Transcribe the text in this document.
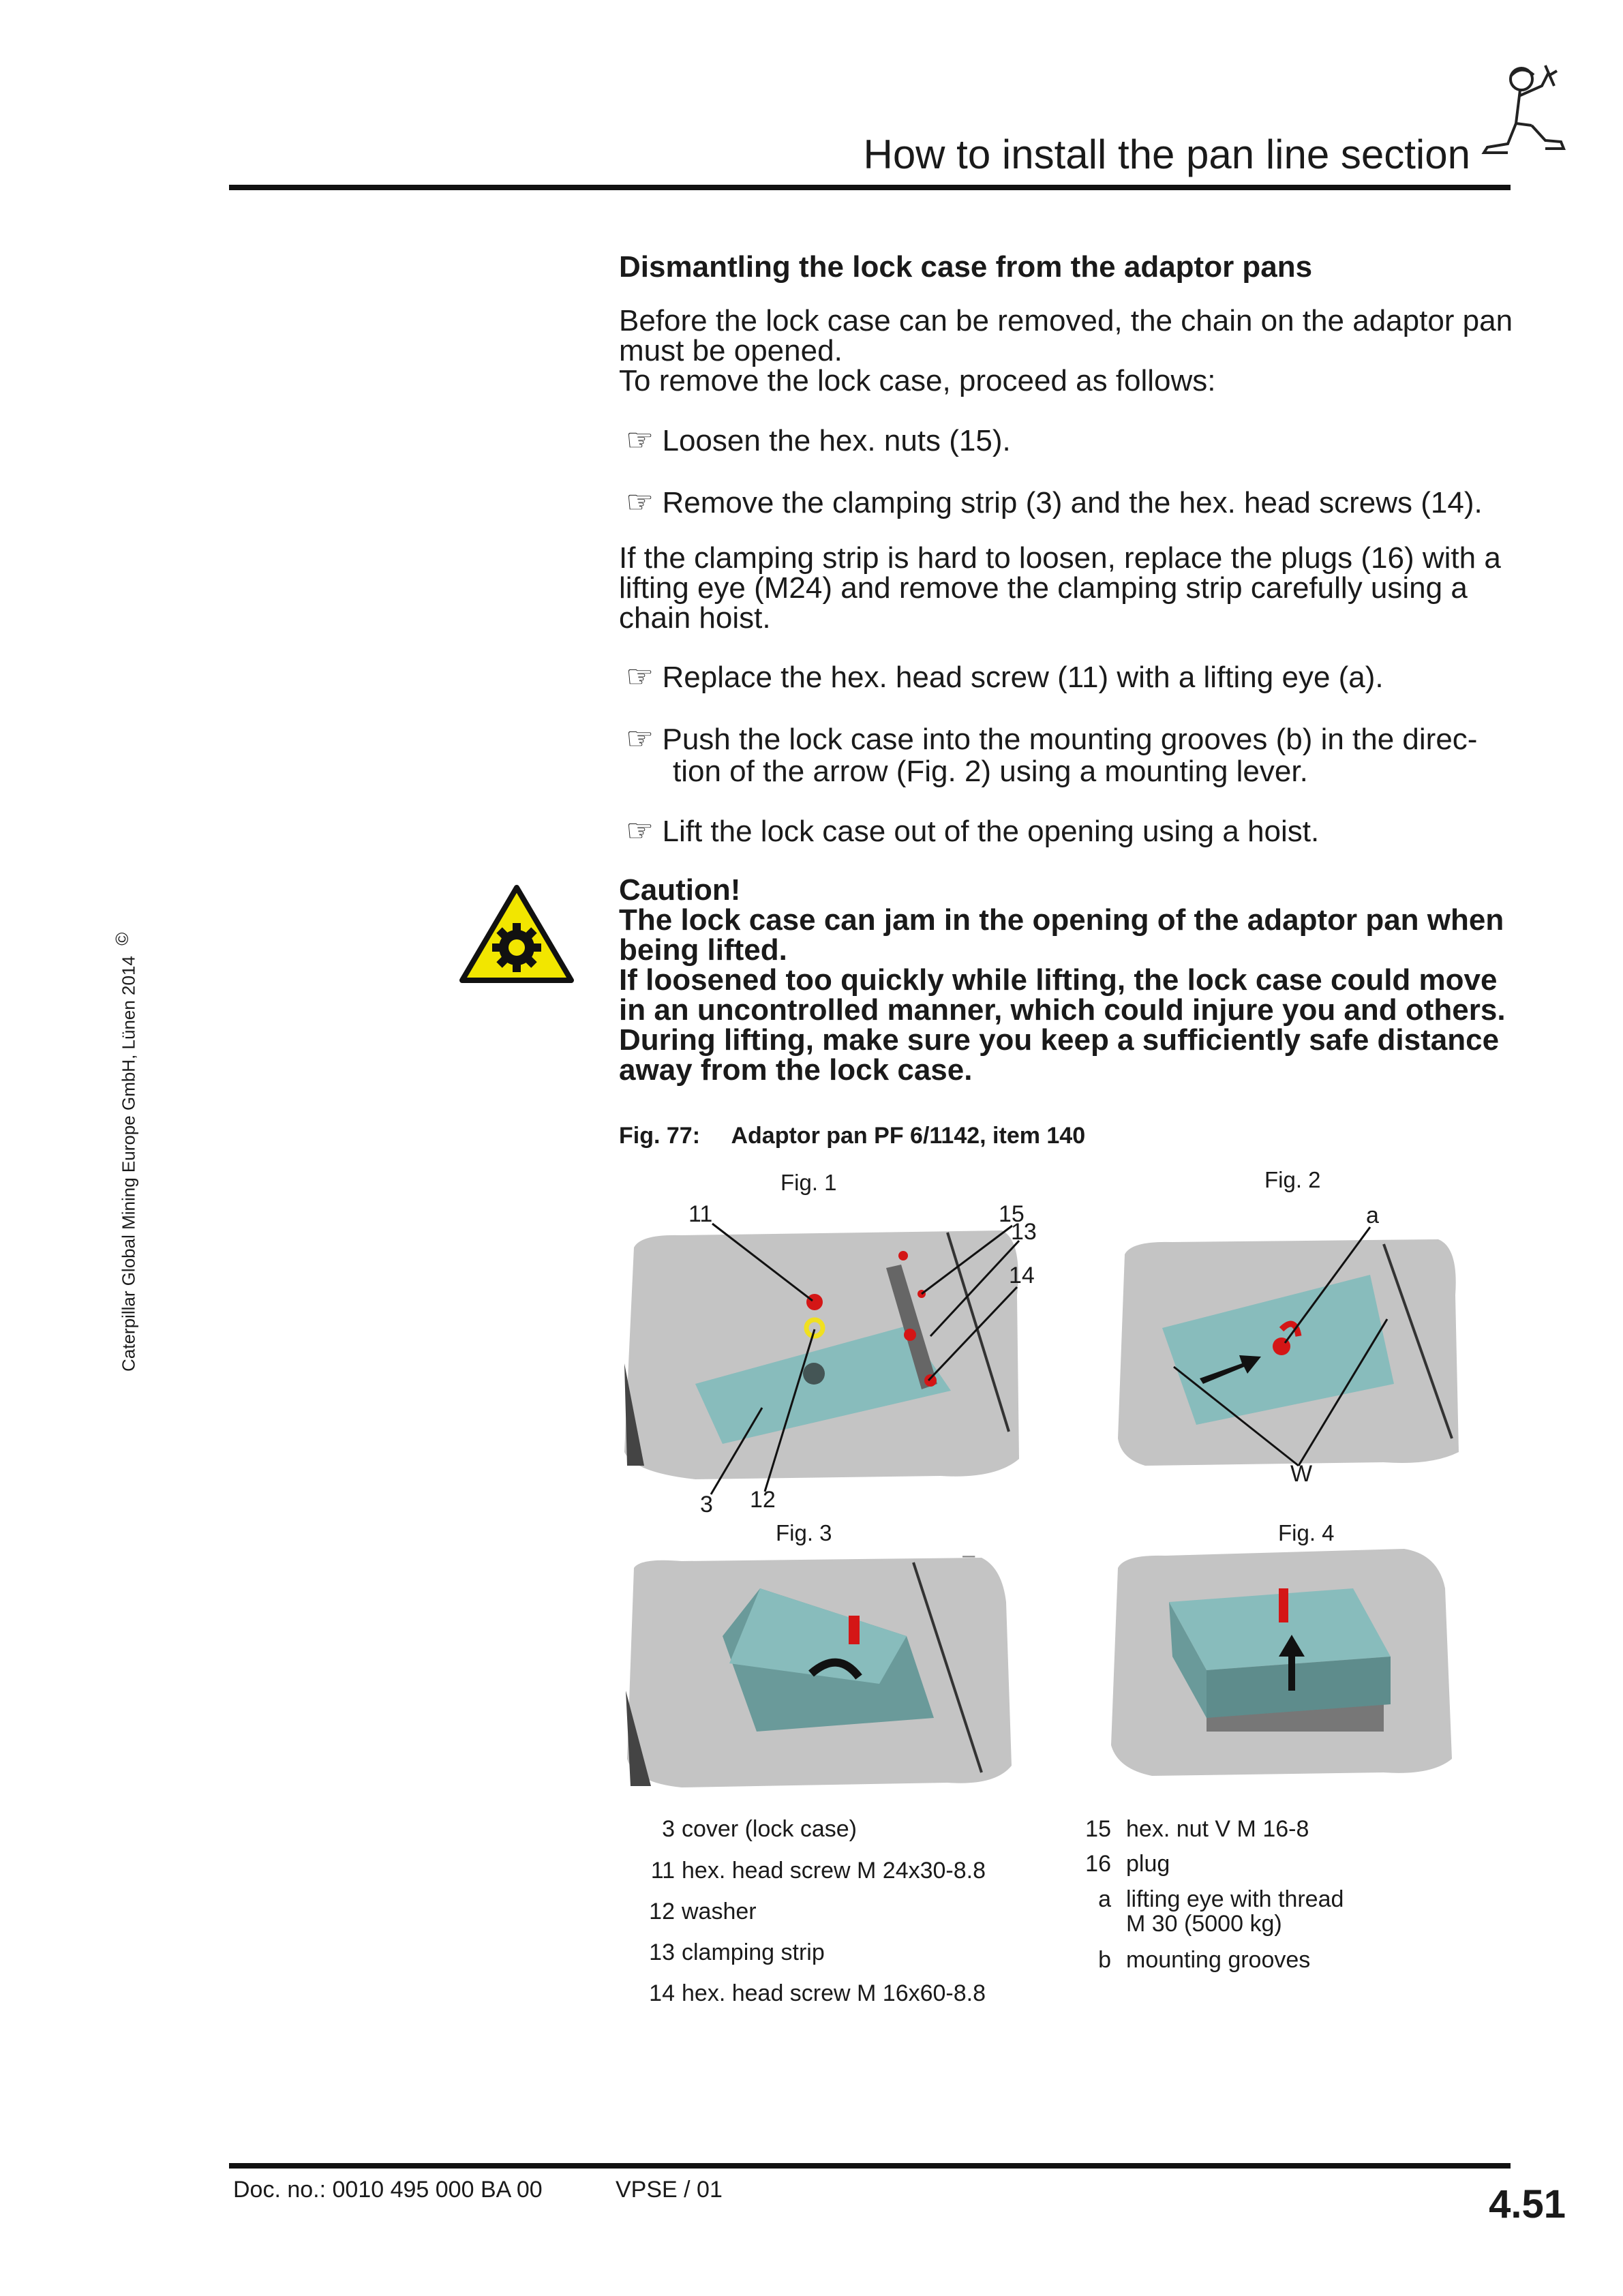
How to install the pan line section
Caterpillar Global Mining Europe GmbH, Lünen 2014 ©
Dismantling the lock case from the adaptor pans
Before the lock case can be removed, the chain on the adaptor pan
must be opened.
To remove the lock case, proceed as follows:
☞ Loosen the hex. nuts (15).
☞ Remove the clamping strip (3) and the hex. head screws (14).
If the clamping strip is hard to loosen, replace the plugs (16) with a
lifting eye (M24) and remove the clamping strip carefully using a
chain hoist.
☞ Replace the hex. head screw (11) with a lifting eye (a).
☞ Push the lock case into the mounting grooves (b) in the direc-
tion of the arrow (Fig. 2) using a mounting lever.
☞ Lift the lock case out of the opening using a hoist.
Caution!
The lock case can jam in the opening of the adaptor pan when
being lifted.
If loosened too quickly while lifting, the lock case could move
in an uncontrolled manner, which could injure you and others.
During lifting, make sure you keep a sufficiently safe distance
away from the lock case.
Fig. 77: Adaptor pan PF 6/1142, item 140
Fig. 1	Fig. 2
Fig. 3	Fig. 4
–
11	15
13
14
3 12
a
W
3 cover (lock case)
11 hex. head screw M 24x30-8.8
12 washer
13 clamping strip
14 hex. head screw M 16x60-8.8
15 hex. nut V M 16-8
16 plug
a lifting eye with thread
M 30 (5000 kg)
b mounting grooves
Doc. no.: 0010 495 000 BA 00	VPSE / 01	4.51
